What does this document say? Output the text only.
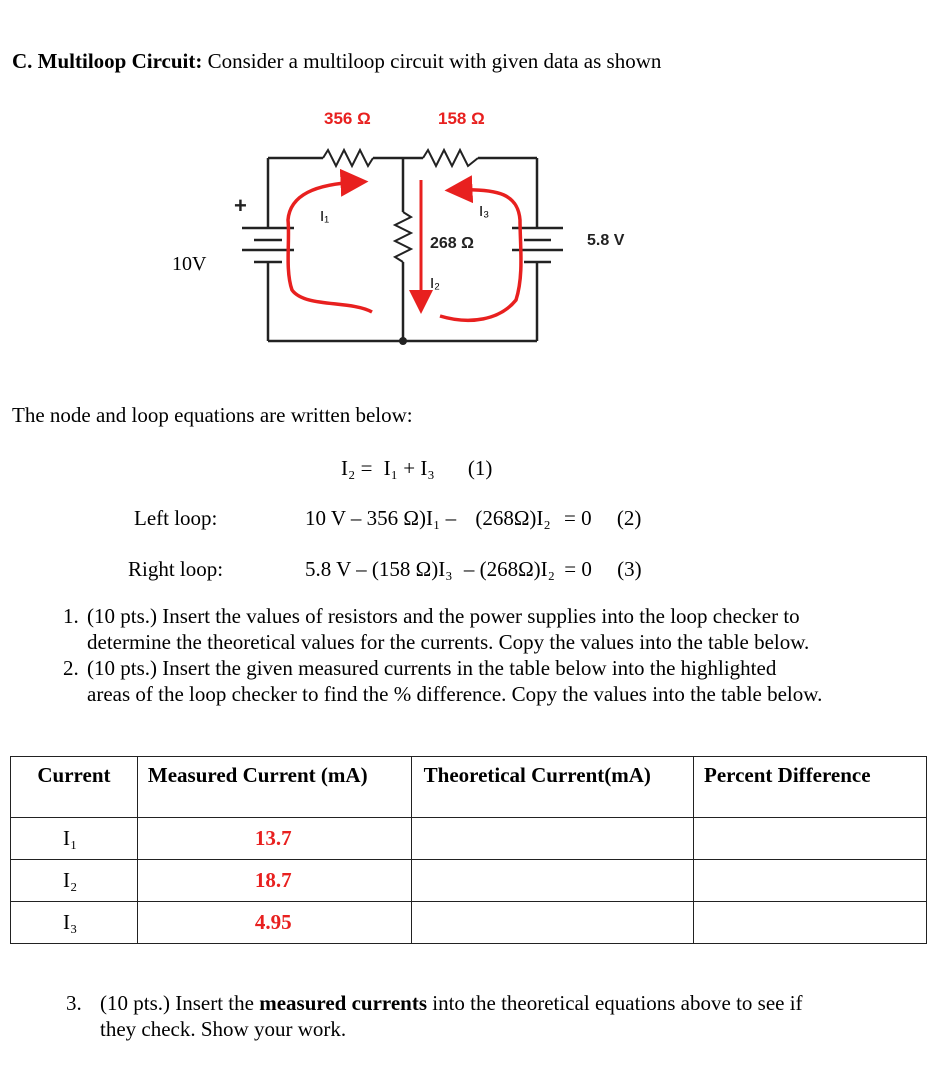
C. Multiloop Circuit: Consider a multiloop circuit with given data as shown
356 Ω	158 Ω
268 Ω	5.8 V
10V
+	I₁	I₃
I₂
The node and loop equations are written below:
I₂ = I₁ + I₃ (1)
Left loop:	10 V – 356 Ω)I₁ – (268Ω)I₂ = 0 (2)
Right loop:	5.8 V – (158 Ω)I₃ – (268Ω)I₂ = 0 (3)
1. (10 pts.) Insert the values of resistors and the power supplies into the loop checker to
determine the theoretical values for the currents. Copy the values into the table below.
2. (10 pts.) Insert the given measured currents in the table below into the highlighted
areas of the loop checker to find the % difference. Copy the values into the table below.
Current	Measured Current (mA)	Theoretical Current(mA)	Percent Difference
I₁	13.7		
I₂	18.7		
I₃	4.95		
3. (10 pts.) Insert the measured currents into the theoretical equations above to see if
they check. Show your work.
